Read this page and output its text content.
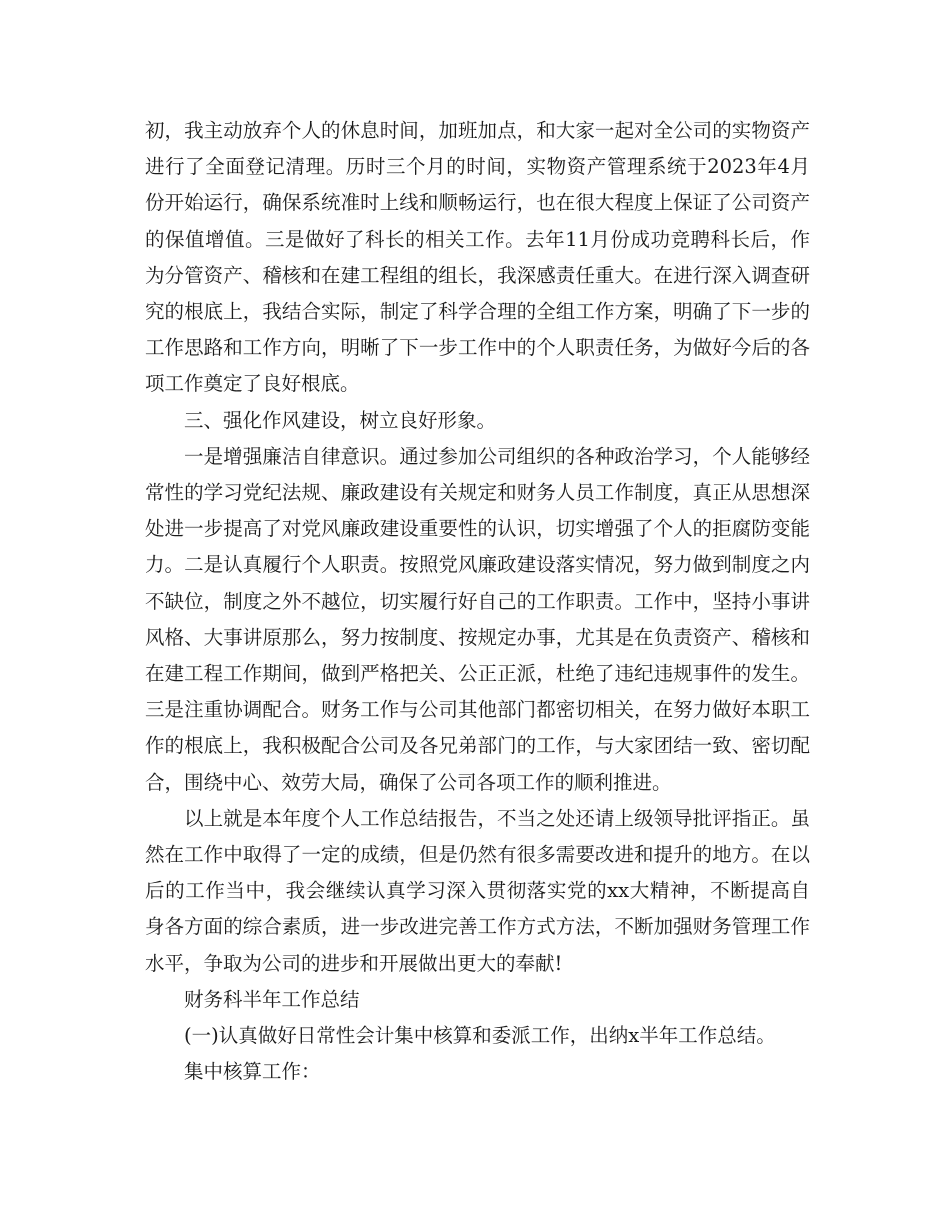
初，我主动放弃个人的休息时间，加班加点，和大家一起对全公司的实物资产进行了全面登记清理。历时三个月的时间，实物资产管理系统于2023年4月份开始运行，确保系统准时上线和顺畅运行，也在很大程度上保证了公司资产的保值增值。三是做好了科长的相关工作。去年11月份成功竞聘科长后，作为分管资产、稽核和在建工程组的组长，我深感责任重大。在进行深入调查研究的根底上，我结合实际，制定了科学合理的全组工作方案，明确了下一步的工作思路和工作方向，明晰了下一步工作中的个人职责任务，为做好今后的各项工作奠定了良好根底。

三、强化作风建设，树立良好形象。

一是增强廉洁自律意识。通过参加公司组织的各种政治学习，个人能够经常性的学习党纪法规、廉政建设有关规定和财务人员工作制度，真正从思想深处进一步提高了对党风廉政建设重要性的认识，切实增强了个人的拒腐防变能力。二是认真履行个人职责。按照党风廉政建设落实情况，努力做到制度之内不缺位，制度之外不越位，切实履行好自己的工作职责。工作中，坚持小事讲风格、大事讲原那么，努力按制度、按规定办事，尤其是在负责资产、稽核和在建工程工作期间，做到严格把关、公正正派，杜绝了违纪违规事件的发生。三是注重协调配合。财务工作与公司其他部门都密切相关，在努力做好本职工作的根底上，我积极配合公司及各兄弟部门的工作，与大家团结一致、密切配合，围绕中心、效劳大局，确保了公司各项工作的顺利推进。

以上就是本年度个人工作总结报告，不当之处还请上级领导批评指正。虽然在工作中取得了一定的成绩，但是仍然有很多需要改进和提升的地方。在以后的工作当中，我会继续认真学习深入贯彻落实党的xx大精神，不断提高自身各方面的综合素质，进一步改进完善工作方式方法，不断加强财务管理工作水平，争取为公司的进步和开展做出更大的奉献!

财务科半年工作总结

(一)认真做好日常性会计集中核算和委派工作，出纳x半年工作总结。

集中核算工作：
